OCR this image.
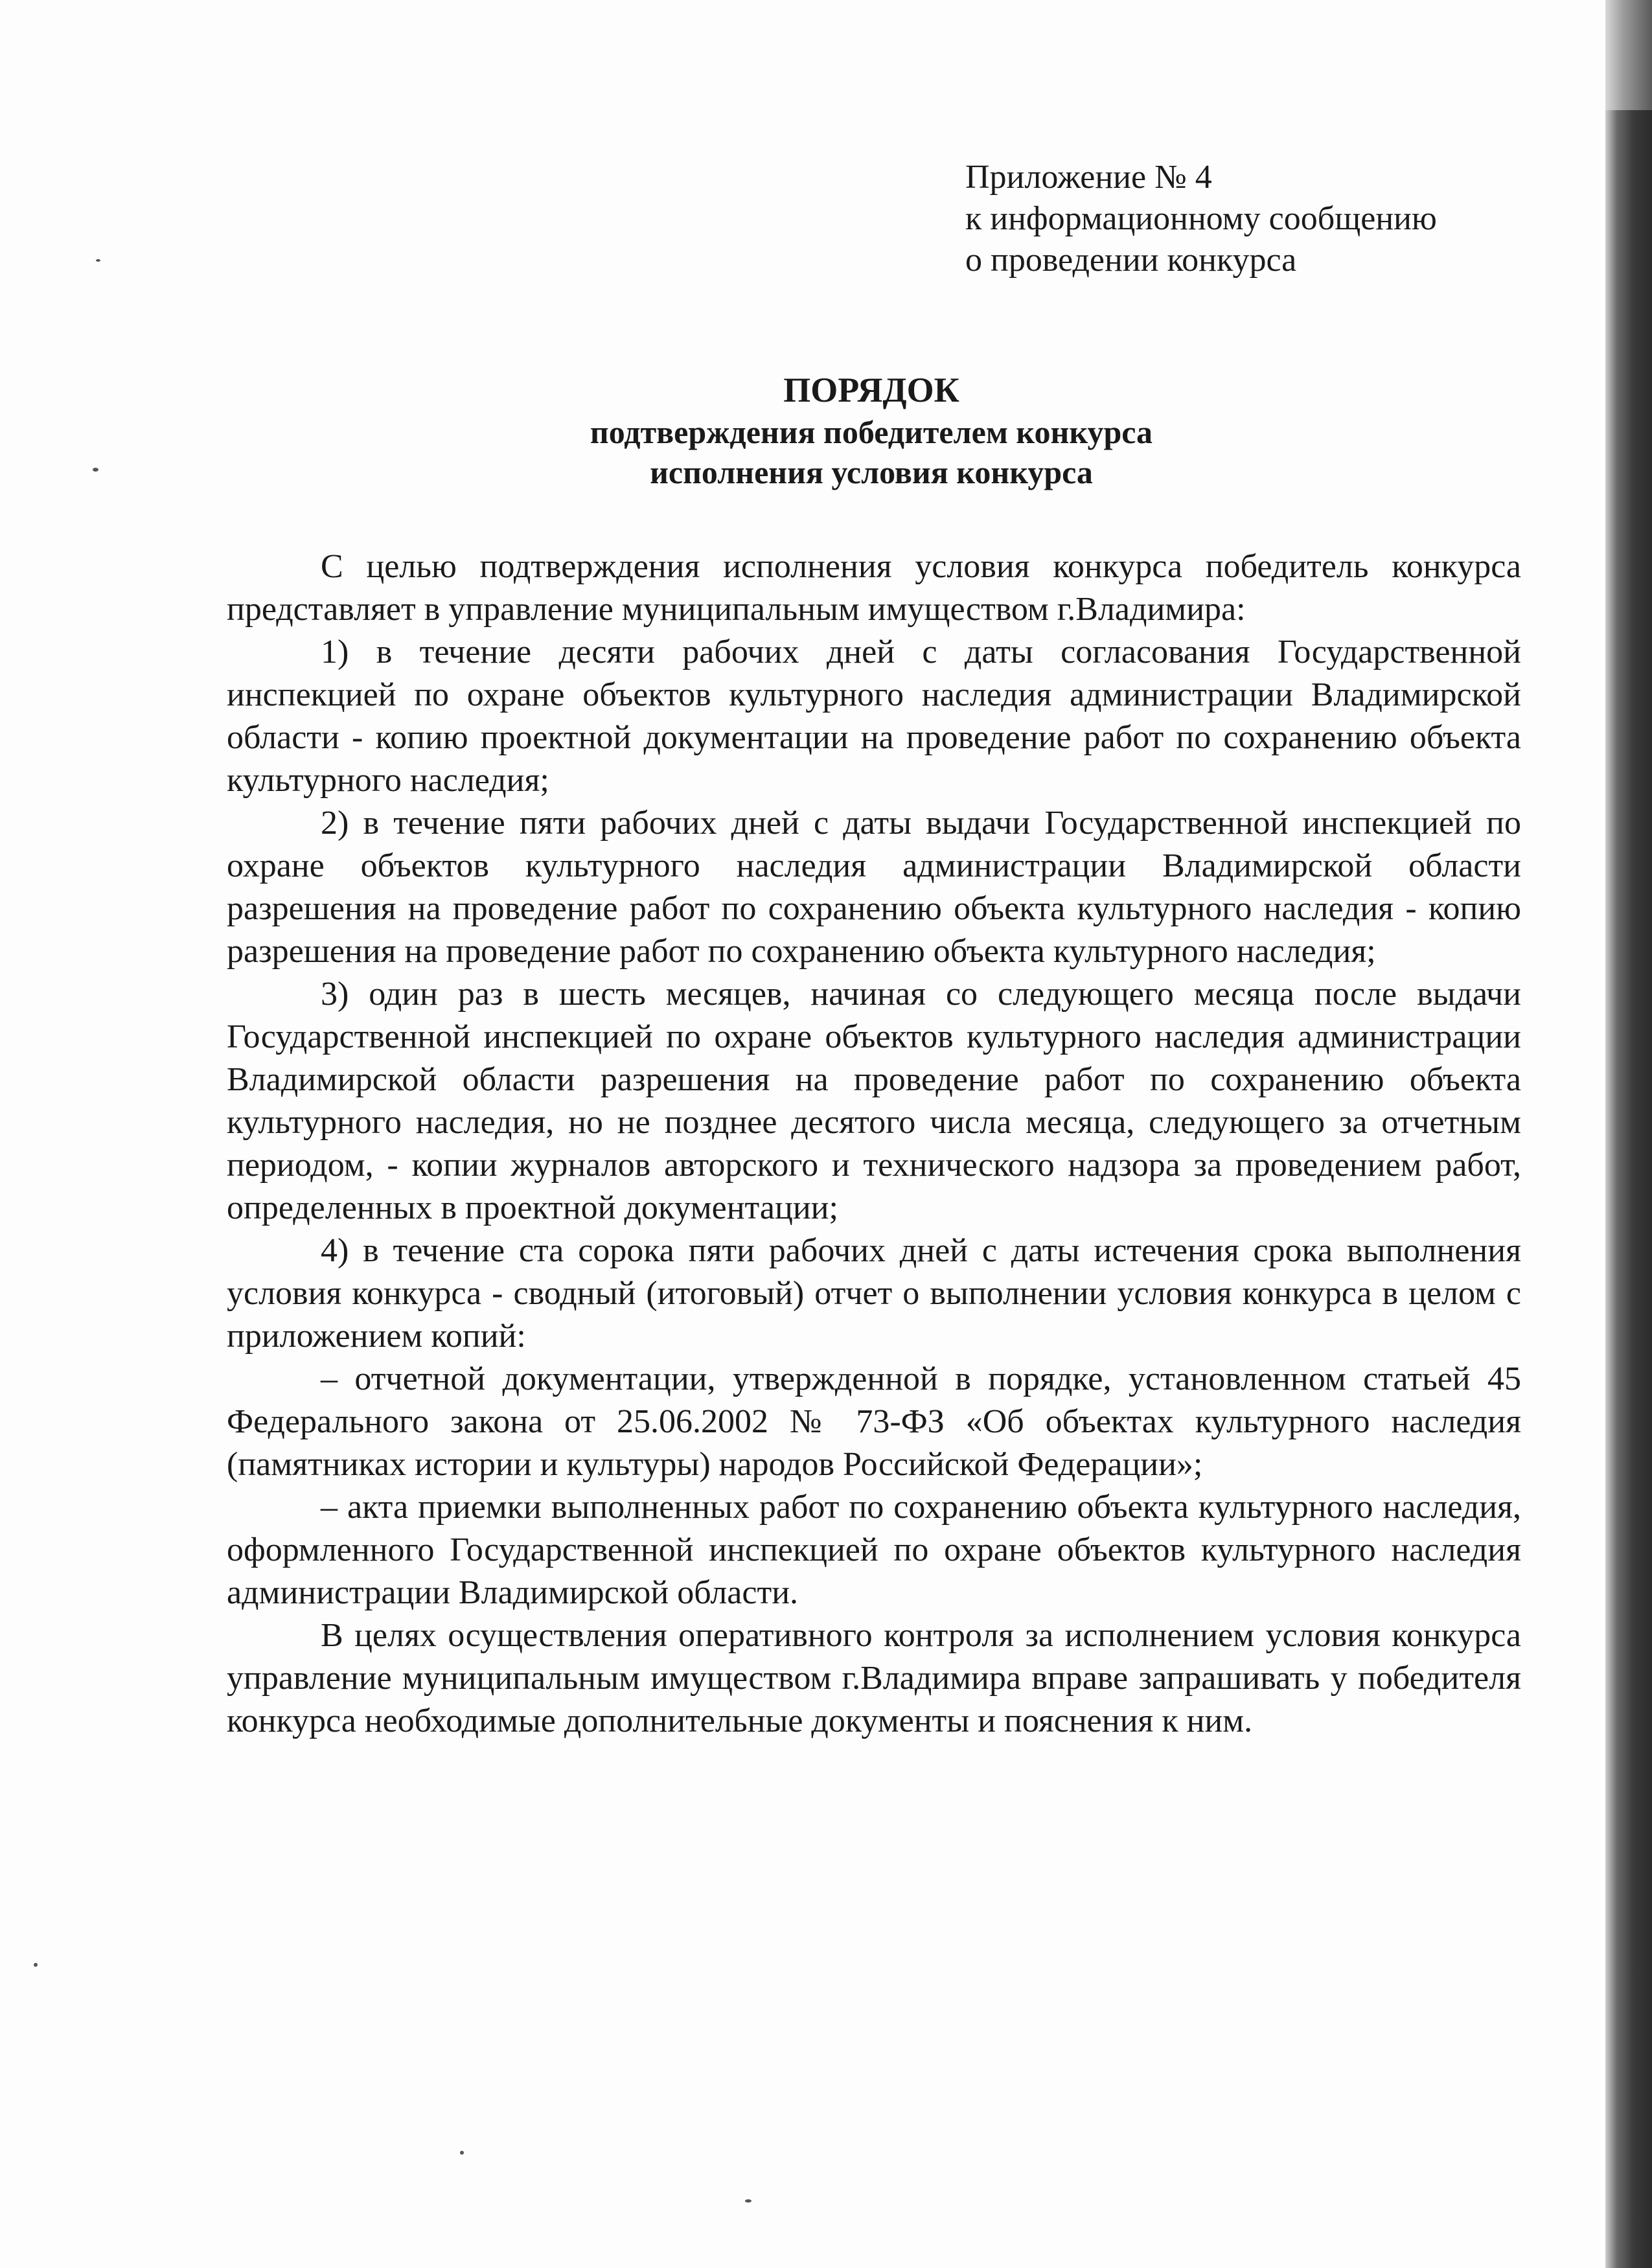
Приложение № 4
к информационному сообщению
о проведении конкурса
ПОРЯДОК
подтверждения победителем конкурса
исполнения условия конкурса

С целью подтверждения исполнения условия конкурса победитель конкурса представляет в управление муниципальным имуществом г.Владимира:

1) в течение десяти рабочих дней с даты согласования Государственной инспекцией по охране объектов культурного наследия администрации Владимирской области - копию проектной документации на проведение работ по сохранению объекта культурного наследия;

2) в течение пяти рабочих дней с даты выдачи Государственной инспекцией по охране объектов культурного наследия администрации Владимирской области разрешения на проведение работ по сохранению объекта культурного наследия - копию разрешения на проведение работ по сохранению объекта культурного наследия;

3) один раз в шесть месяцев, начиная со следующего месяца после выдачи Государственной инспекцией по охране объектов культурного наследия администрации Владимирской области разрешения на проведение работ по сохранению объекта культурного наследия, но не позднее десятого числа месяца, следующего за отчетным периодом, - копии журналов авторского и технического надзора за проведением работ, определенных в проектной документации;

4) в течение ста сорока пяти рабочих дней с даты истечения срока выполнения условия конкурса - сводный (итоговый) отчет о выполнении условия конкурса в целом с приложением копий:

– отчетной документации, утвержденной в порядке, установленном статьей 45 Федерального закона от 25.06.2002 № 73-ФЗ «Об объектах культурного наследия (памятниках истории и культуры) народов Российской Федерации»;

– акта приемки выполненных работ по сохранению объекта культурного наследия, оформленного Государственной инспекцией по охране объектов культурного наследия администрации Владимирской области.

В целях осуществления оперативного контроля за исполнением условия конкурса управление муниципальным имуществом г.Владимира вправе запрашивать у победителя конкурса необходимые дополнительные документы и пояснения к ним.
